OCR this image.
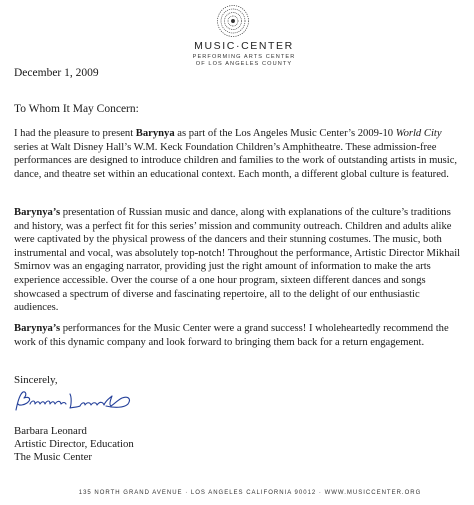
MUSIC·CENTER
PERFORMING ARTS CENTER
OF LOS ANGELES COUNTY
December 1, 2009
To Whom It May Concern:
I had the pleasure to present Barynya as part of the Los Angeles Music Center’s 2009-10 World City series at Walt Disney Hall’s W.M. Keck Foundation Children’s Amphitheatre. These admission-free performances are designed to introduce children and families to the work of outstanding artists in music, dance, and theatre set within an educational context. Each month, a different global culture is featured.
Barynya’s presentation of Russian music and dance, along with explanations of the culture’s traditions and history, was a perfect fit for this series’ mission and community outreach. Children and adults alike were captivated by the physical prowess of the dancers and their stunning costumes. The music, both instrumental and vocal, was absolutely top-notch! Throughout the performance, Artistic Director Mikhail Smirnov was an engaging narrator, providing just the right amount of information to make the arts experience accessible. Over the course of a one hour program, sixteen different dances and songs showcased a spectrum of diverse and fascinating repertoire, all to the delight of our enthusiastic audiences.
Barynya’s performances for the Music Center were a grand success! I wholeheartedly recommend the work of this dynamic company and look forward to bringing them back for a return engagement.
Sincerely,
Barbara Leonard
Artistic Director, Education
The Music Center
135 NORTH GRAND AVENUE · LOS ANGELES CALIFORNIA 90012 · WWW.MUSICCENTER.ORG
